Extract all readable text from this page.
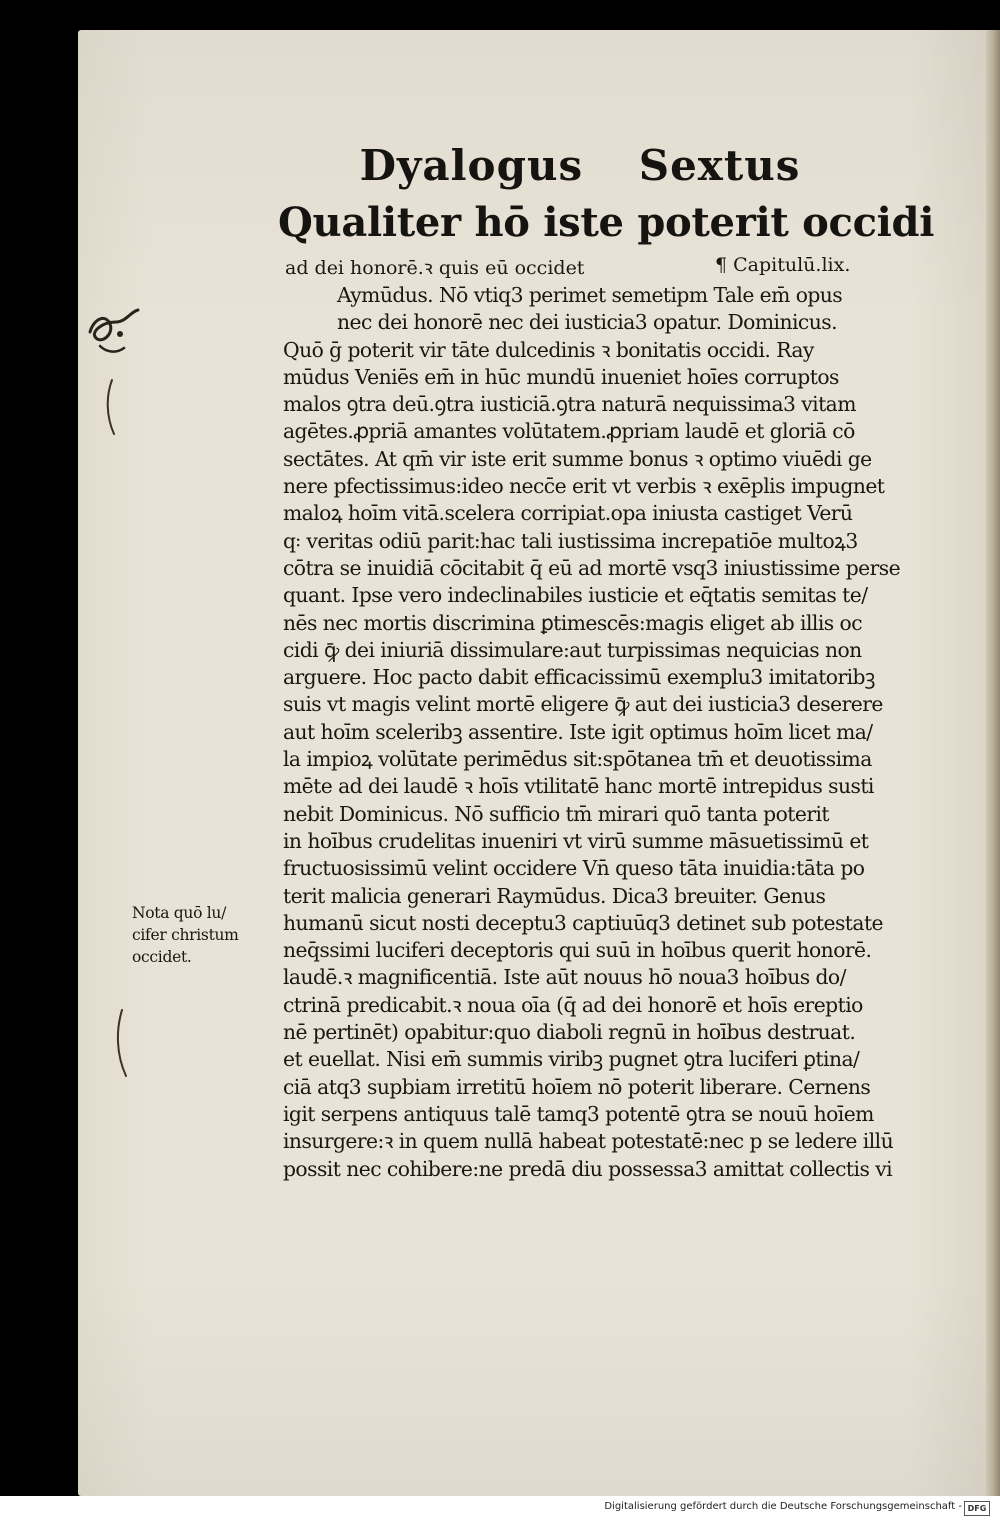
Dyalogus Sextus
Qualiter hō iste poterit occidi
ad dei honorē.ꝛ quis eū occidet	¶ Capitulū.lix.
Aymūdus. Nō vtiq3 perimet semetipm Tale em̄ opus
nec dei honorē nec dei iusticia3 opatur. Dominicus.
Quō ḡ poterit vir tāte dulcedinis ꝛ bonitatis occidi. Ray
mūdus Veniēs em̄ in hūc mundū inueniet hoīes corruptos
malos ꝯtra deū.ꝯtra iusticiā.ꝯtra naturā nequissima3 vitam
agētes.ꝓpriā amantes volūtatem.ꝓpriam laudē et gloriā cō
sectātes. At qm̄ vir iste erit summe bonus ꝛ optimo viuēdi ge
nere pfectissimus:ideo necc̄e erit vt verbis ꝛ exēplis impugnet
maloꝝ hoīm vitā.scelera corripiat.opa iniusta castiget Verū
q꞉ veritas odiū parit:hac tali iustissima increpatiōe multoꝝ3
cōtra se inuidiā cōcitabit q̄ eū ad mortē vsq3 iniustissime perse
quant. Ipse vero indeclinabiles iusticie et eq̄tatis semitas te/
nēs nec mortis discrimina ꝑtimescēs:magis eliget ab illis oc
cidi ꝙ̄ dei iniuriā dissimulare:aut turpissimas nequicias non
arguere. Hoc pacto dabit efficacissimū exemplu3 imitatoribꝫ
suis vt magis velint mortē eligere ꝙ̄ aut dei iusticia3 deserere
aut hoīm sceleribꝫ assentire. Iste igit optimus hoīm licet ma/
la impioꝝ volūtate perimēdus sit:spōtanea tm̄ et deuotissima
mēte ad dei laudē ꝛ hoīs vtilitatē hanc mortē intrepidus susti
nebit Dominicus. Nō sufficio tm̄ mirari quō tanta poterit
in hoībus crudelitas inueniri vt virū summe māsuetissimū et
fructuosissimū velint occidere Vn̄ queso tāta inuidia:tāta po
terit malicia generari Raymūdus. Dica3 breuiter. Genus
humanū sicut nosti deceptu3 captiuūq3 detinet sub potestate
neq̄ssimi luciferi deceptoris qui suū in hoībus querit honorē.
laudē.ꝛ magnificentiā. Iste aūt nouus hō noua3 hoībus do/
ctrinā predicabit.ꝛ noua oīa (q̄ ad dei honorē et hoīs ereptio
nē pertinēt) opabitur:quo diaboli regnū in hoībus destruat.
et euellat. Nisi em̄ summis viribꝫ pugnet ꝯtra luciferi ꝑtina/
ciā atq3 supbiam irretitū hoīem nō poterit liberare. Cernens
igit serpens antiquus talē tamq3 potentē ꝯtra se nouū hoīem
insurgere:ꝛ in quem nullā habeat potestatē:nec p se ledere illū
possit nec cohibere:ne predā diu possessa3 amittat collectis vi
Nota quō lu/
cifer christum
occidet.
Digitalisierung gefördert durch die Deutsche Forschungsgemeinschaft - DFG
